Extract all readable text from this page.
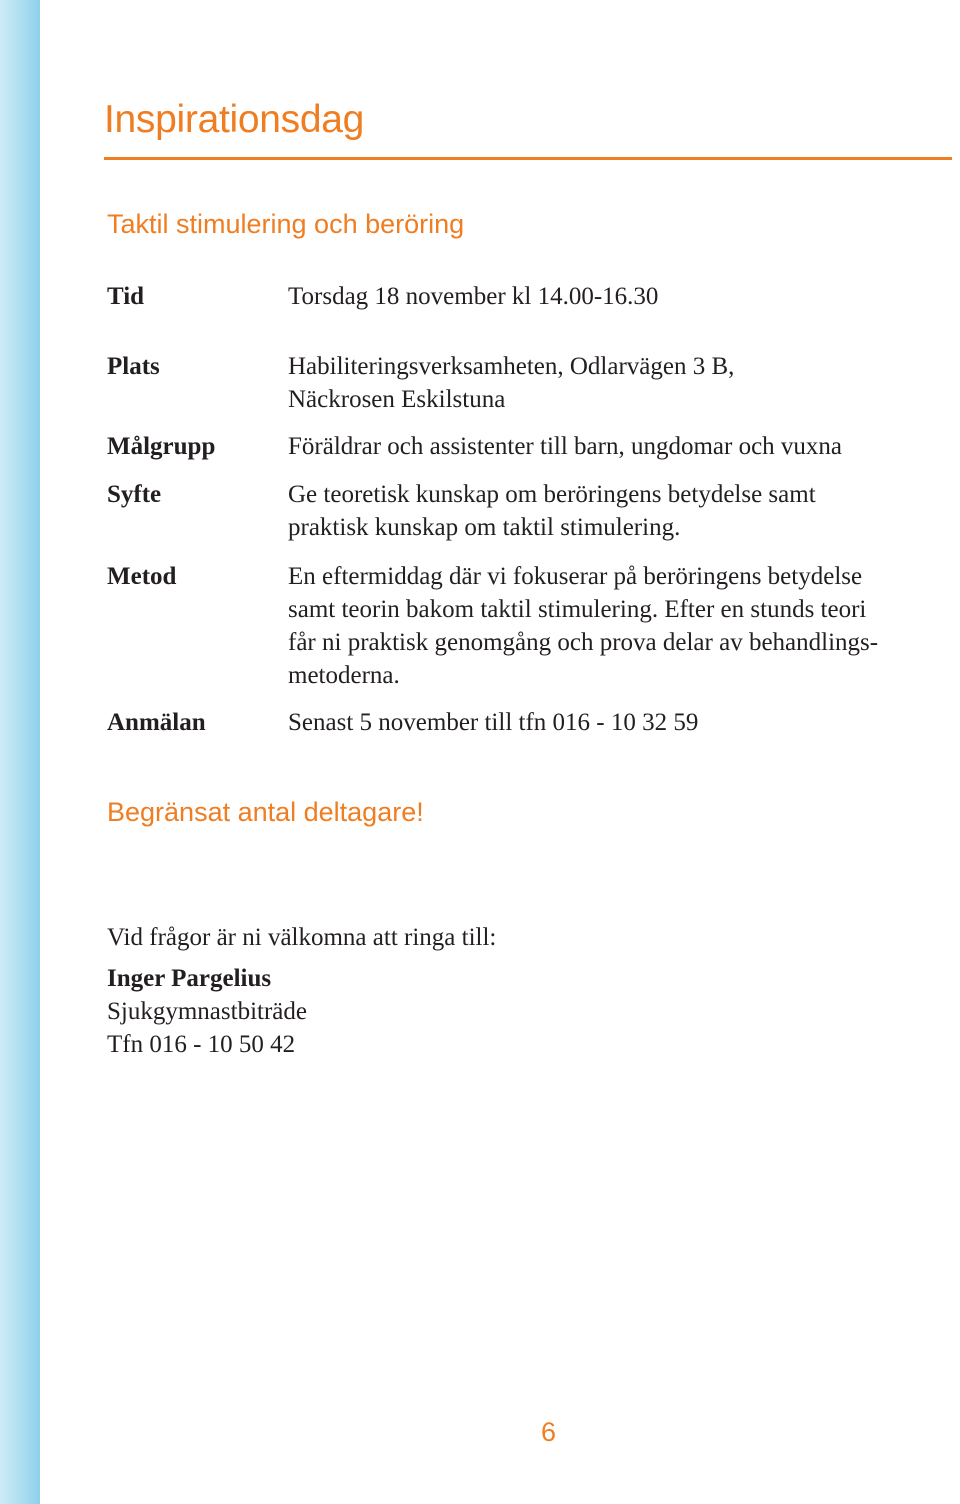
Inspirationsdag
Taktil stimulering och beröring
Tid	Torsdag 18 november kl 14.00-16.30
Plats	Habiliteringsverksamheten, Odlarvägen 3 B,
Näckrosen Eskilstuna
Målgrupp	Föräldrar och assistenter till barn, ungdomar och vuxna
Syfte	Ge teoretisk kunskap om beröringens betydelse samt
praktisk kunskap om taktil stimulering.
Metod	En eftermiddag där vi fokuserar på beröringens betydelse
samt teorin bakom taktil stimulering. Efter en stunds teori
får ni praktisk genomgång och prova delar av behandlings-
metoderna.
Anmälan	Senast 5 november till tfn 016 - 10 32 59
Begränsat antal deltagare!
Vid frågor är ni välkomna att ringa till:
Inger Pargelius
Sjukgymnastbiträde
Tfn 016 - 10 50 42
6
